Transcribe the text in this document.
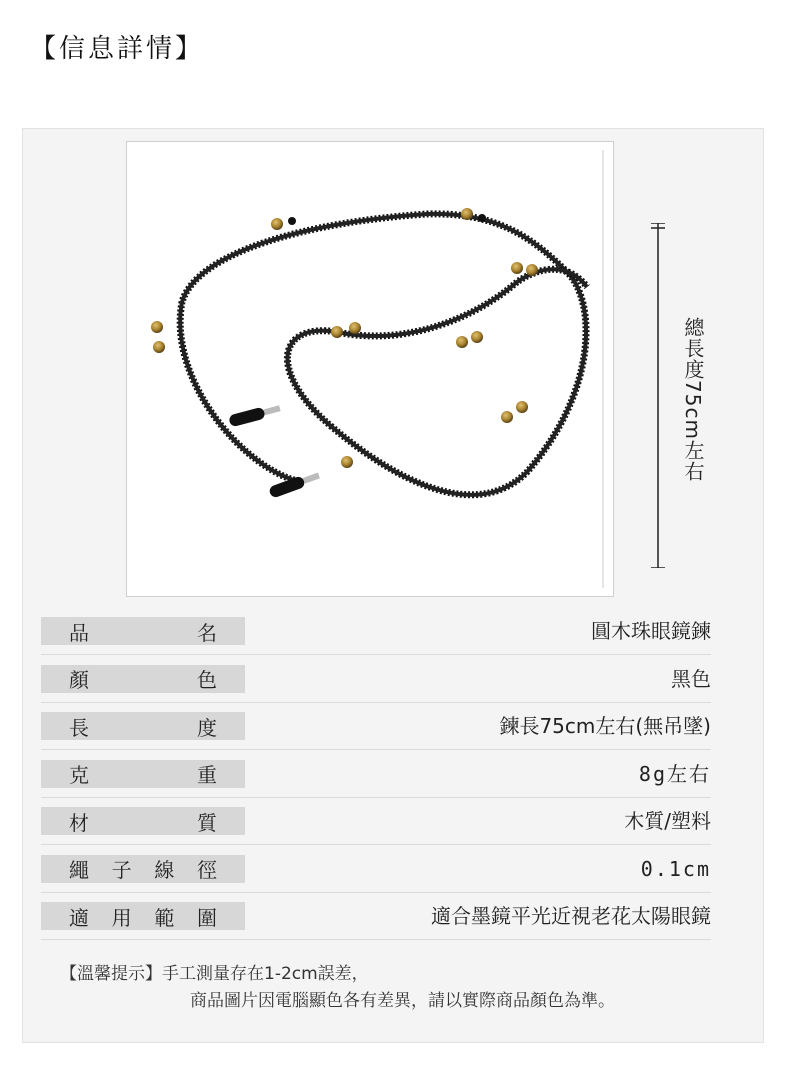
【信息詳情】
總長度75cm左右
品	名	圓木珠眼鏡鍊
顏	色	黑色
長	度	鍊長75cm左右(無吊墜)
克	重	8g左右
材	質	木質/塑料
繩 子 線 徑	0.1cm
適 用 範 圍	適合墨鏡平光近視老花太陽眼鏡
【溫馨提示】手工測量存在1-2cm誤差，
商品圖片因電腦顯色各有差異，請以實際商品顏色為準。
